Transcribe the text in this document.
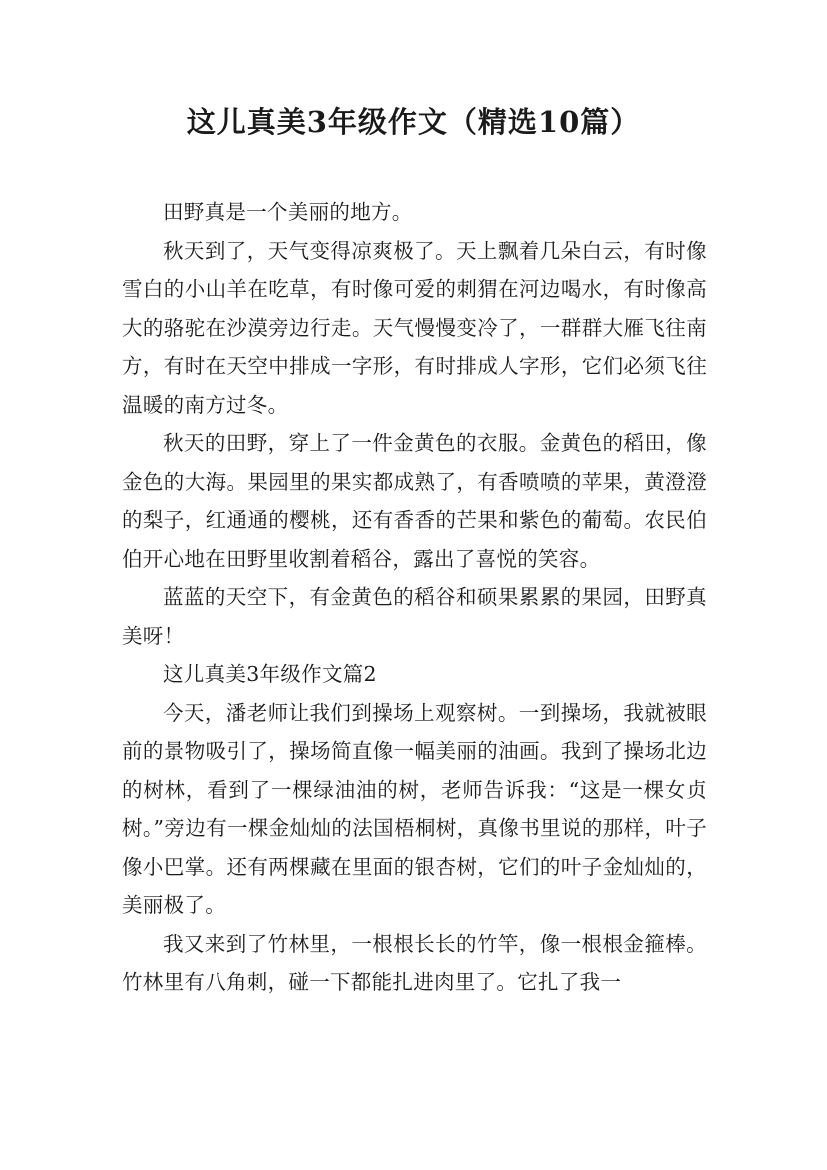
这儿真美3年级作文（精选10篇）

田野真是一个美丽的地方。

秋天到了，天气变得凉爽极了。天上飘着几朵白云，有时像雪白的小山羊在吃草，有时像可爱的刺猬在河边喝水，有时像高大的骆驼在沙漠旁边行走。天气慢慢变冷了，一群群大雁飞往南方，有时在天空中排成一字形，有时排成人字形，它们必须飞往温暖的南方过冬。

秋天的田野，穿上了一件金黄色的衣服。金黄色的稻田，像金色的大海。果园里的果实都成熟了，有香喷喷的苹果，黄澄澄的梨子，红通通的樱桃，还有香香的芒果和紫色的葡萄。农民伯伯开心地在田野里收割着稻谷，露出了喜悦的笑容。

蓝蓝的天空下，有金黄色的稻谷和硕果累累的果园，田野真美呀！

这儿真美3年级作文篇2

今天，潘老师让我们到操场上观察树。一到操场，我就被眼前的景物吸引了，操场简直像一幅美丽的油画。我到了操场北边的树林，看到了一棵绿油油的树，老师告诉我：“这是一棵女贞树。”旁边有一棵金灿灿的法国梧桐树，真像书里说的那样，叶子像小巴掌。还有两棵藏在里面的银杏树，它们的叶子金灿灿的，美丽极了。

我又来到了竹林里，一根根长长的竹竿，像一根根金箍棒。竹林里有八角刺，碰一下都能扎进肉里了。它扎了我一
